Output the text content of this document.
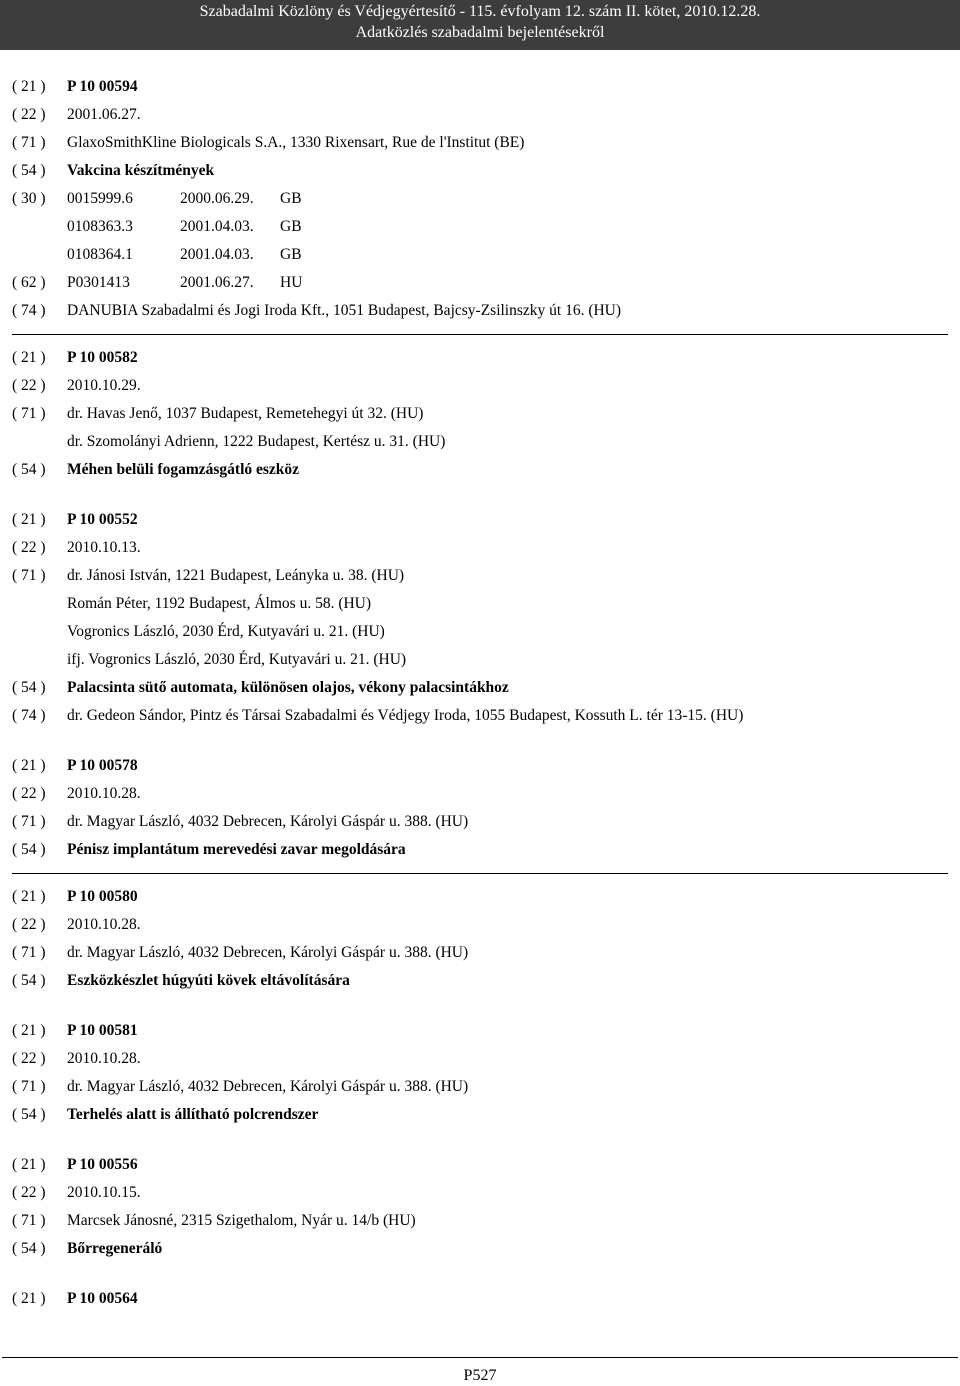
Szabadalmi Közlöny és Védjegyértesítő - 115. évfolyam 12. szám II. kötet, 2010.12.28.
Adatközlés szabadalmi bejelentésekről
( 21 ) P 10 00594
( 22 ) 2001.06.27.
( 71 ) GlaxoSmithKline Biologicals S.A., 1330 Rixensart, Rue de l'Institut (BE)
( 54 ) Vakcina készítmények
( 30 ) 0015999.6	2000.06.29. GB
0108363.3	2001.04.03. GB
0108364.1	2001.04.03. GB
( 62 ) P0301413	2001.06.27. HU
( 74 ) DANUBIA Szabadalmi és Jogi Iroda Kft., 1051 Budapest, Bajcsy-Zsilinszky út 16. (HU)
( 21 ) P 10 00582
( 22 ) 2010.10.29.
( 71 ) dr. Havas Jenő, 1037 Budapest, Remetehegyi út 32. (HU)
dr. Szomolányi Adrienn, 1222 Budapest, Kertész u. 31. (HU)
( 54 ) Méhen belüli fogamzásgátló eszköz
( 21 ) P 10 00552
( 22 ) 2010.10.13.
( 71 ) dr. Jánosi István, 1221 Budapest, Leányka u. 38. (HU)
Román Péter, 1192 Budapest, Álmos u. 58. (HU)
Vogronics László, 2030 Érd, Kutyavári u. 21. (HU)
ifj. Vogronics László, 2030 Érd, Kutyavári u. 21. (HU)
( 54 ) Palacsinta sütő automata, különösen olajos, vékony palacsintákhoz
( 74 ) dr. Gedeon Sándor, Pintz és Társai Szabadalmi és Védjegy Iroda, 1055 Budapest, Kossuth L. tér 13-15. (HU)
( 21 ) P 10 00578
( 22 ) 2010.10.28.
( 71 ) dr. Magyar László, 4032 Debrecen, Károlyi Gáspár u. 388. (HU)
( 54 ) Pénisz implantátum merevedési zavar megoldására
( 21 ) P 10 00580
( 22 ) 2010.10.28.
( 71 ) dr. Magyar László, 4032 Debrecen, Károlyi Gáspár u. 388. (HU)
( 54 ) Eszközkészlet húgyúti kövek eltávolítására
( 21 ) P 10 00581
( 22 ) 2010.10.28.
( 71 ) dr. Magyar László, 4032 Debrecen, Károlyi Gáspár u. 388. (HU)
( 54 ) Terhelés alatt is állítható polcrendszer
( 21 ) P 10 00556
( 22 ) 2010.10.15.
( 71 ) Marcsek Jánosné, 2315 Szigethalom, Nyár u. 14/b (HU)
( 54 ) Bőrregeneráló
( 21 ) P 10 00564
P527
